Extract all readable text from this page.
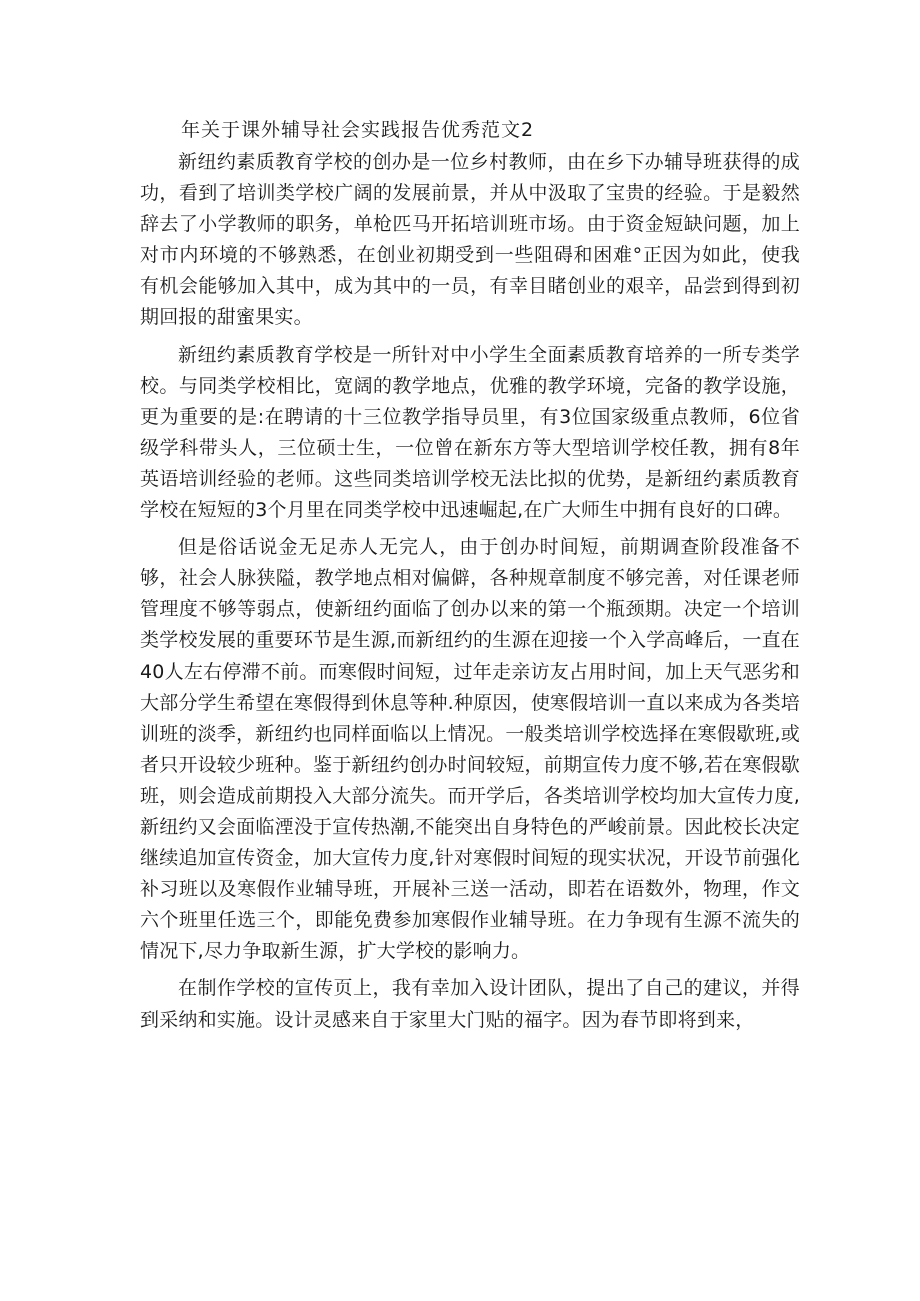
年关于课外辅导社会实践报告优秀范文2

新纽约素质教育学校的创办是一位乡村教师，由在乡下办辅导班获得的成功，看到了培训类学校广阔的发展前景，并从中汲取了宝贵的经验。于是毅然辞去了小学教师的职务，单枪匹马开拓培训班市场。由于资金短缺问题，加上对市内环境的不够熟悉，在创业初期受到一些阻碍和困难°正因为如此，使我有机会能够加入其中，成为其中的一员，有幸目睹创业的艰辛，品尝到得到初期回报的甜蜜果实。

新纽约素质教育学校是一所针对中小学生全面素质教育培养的一所专类学校。与同类学校相比，宽阔的教学地点，优雅的教学环境，完备的教学设施，更为重要的是:在聘请的十三位教学指导员里，有3位国家级重点教师，6位省级学科带头人，三位硕士生，一位曾在新东方等大型培训学校任教，拥有8年英语培训经验的老师。这些同类培训学校无法比拟的优势，是新纽约素质教育学校在短短的3个月里在同类学校中迅速崛起,在广大师生中拥有良好的口碑。

但是俗话说金无足赤人无完人，由于创办时间短，前期调查阶段准备不够，社会人脉狭隘，教学地点相对偏僻，各种规章制度不够完善，对任课老师管理度不够等弱点，使新纽约面临了创办以来的第一个瓶颈期。决定一个培训类学校发展的重要环节是生源,而新纽约的生源在迎接一个入学高峰后，一直在40人左右停滞不前。而寒假时间短，过年走亲访友占用时间，加上天气恶劣和大部分学生希望在寒假得到休息等种.种原因，使寒假培训一直以来成为各类培训班的淡季，新纽约也同样面临以上情况。一般类培训学校选择在寒假歇班,或者只开设较少班种。鉴于新纽约创办时间较短，前期宣传力度不够,若在寒假歇班，则会造成前期投入大部分流失。而开学后，各类培训学校均加大宣传力度,新纽约又会面临湮没于宣传热潮,不能突出自身特色的严峻前景。因此校长决定继续追加宣传资金，加大宣传力度,针对寒假时间短的现实状况，开设节前强化补习班以及寒假作业辅导班，开展补三送一活动，即若在语数外，物理，作文六个班里任选三个，即能免费参加寒假作业辅导班。在力争现有生源不流失的情况下,尽力争取新生源，扩大学校的影响力。

在制作学校的宣传页上，我有幸加入设计团队，提出了自己的建议，并得到采纳和实施。设计灵感来自于家里大门贴的福字。因为春节即将到来，
